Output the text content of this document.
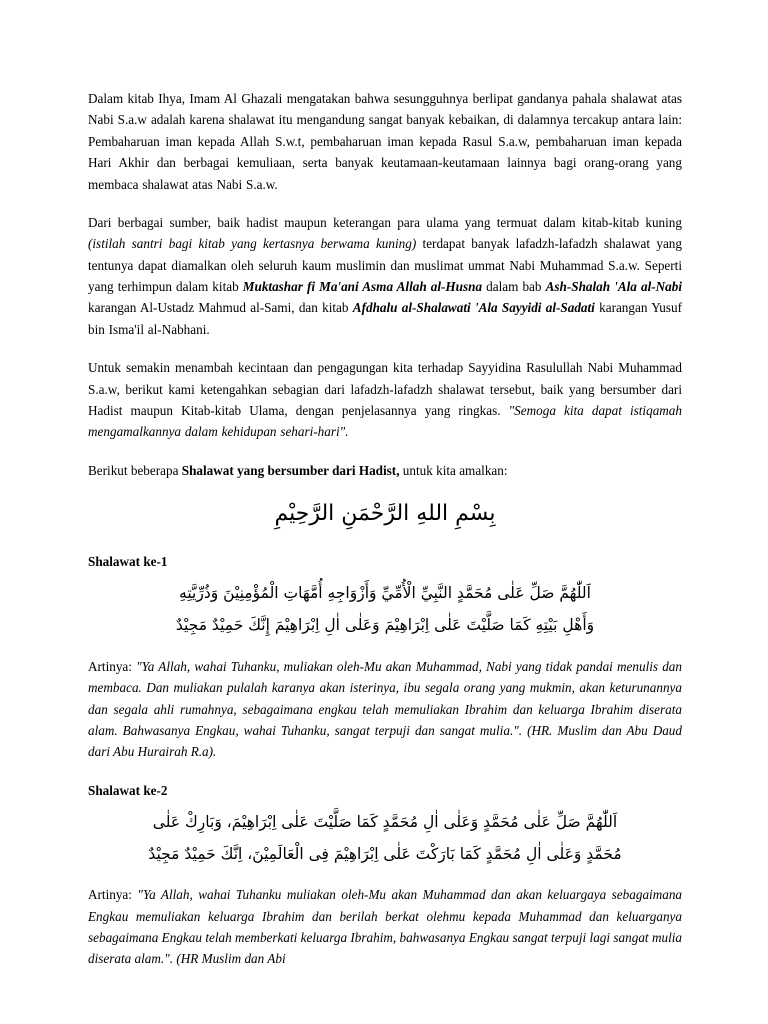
Dalam kitab Ihya, Imam Al Ghazali mengatakan bahwa sesungguhnya berlipat gandanya pahala shalawat atas Nabi S.a.w adalah karena shalawat itu mengandung sangat banyak kebaikan, di dalamnya tercakup antara lain: Pembaharuan iman kepada Allah S.w.t, pembaharuan iman kepada Rasul S.a.w, pembaharuan iman kepada Hari Akhir dan berbagai kemuliaan, serta banyak keutamaan-keutamaan lainnya bagi orang-orang yang membaca shalawat atas Nabi S.a.w.

Dari berbagai sumber, baik hadist maupun keterangan para ulama yang termuat dalam kitab-kitab kuning (istilah santri bagi kitab yang kertasnya berwama kuning) terdapat banyak lafadzh-lafadzh shalawat yang tentunya dapat diamalkan oleh seluruh kaum muslimin dan muslimat ummat Nabi Muhammad S.a.w. Seperti yang terhimpun dalam kitab Muktashar fi Ma'ani Asma Allah al-Husna dalam bab Ash-Shalah 'Ala al-Nabi karangan Al-Ustadz Mahmud al-Sami, dan kitab Afdhalu al-Shalawati 'Ala Sayyidi al-Sadati karangan Yusuf bin Isma'il al-Nabhani.

Untuk semakin menambah kecintaan dan pengagungan kita terhadap Sayyidina Rasulullah Nabi Muhammad S.a.w, berikut kami ketengahkan sebagian dari lafadzh-lafadzh shalawat tersebut, baik yang bersumber dari Hadist maupun Kitab-kitab Ulama, dengan penjelasannya yang ringkas. "Semoga kita dapat istiqamah mengamalkannya dalam kehidupan sehari-hari".

Berikut beberapa Shalawat yang bersumber dari Hadist, untuk kita amalkan:

بِسْمِ اللهِ الرَّحْمَنِ الرَّحِيْمِ
Shalawat ke-1
اَللّٰهُمَّ صَلِّ عَلٰى مُحَمَّدٍ النَّبِيِّ الْأُمِّيِّ وَأَزْوَاجِهِ أُمَّهَاتِ الْمُؤْمِنِيْنَ وَذُرِّيَّتِهِ
وَأَهْلِ بَيْتِهِ كَمَا صَلَّيْتَ عَلٰى اِبْرَاهِيْمَ وَعَلٰى اٰلِ اِبْرَاهِيْمَ إِنَّكَ حَمِيْدٌ مَجِيْدٌ

Artinya: "Ya Allah, wahai Tuhanku, muliakan oleh-Mu akan Muhammad, Nabi yang tidak pandai menulis dan membaca. Dan muliakan pulalah karanya akan isterinya, ibu segala orang yang mukmin, akan keturunannya dan segala ahli rumahnya, sebagaimana engkau telah memuliakan Ibrahim dan keluarga Ibrahim diserata alam. Bahwasanya Engkau, wahai Tuhanku, sangat terpuji dan sangat mulia.". (HR. Muslim dan Abu Daud dari Abu Hurairah R.a).

Shalawat ke-2
اَللّٰهُمَّ صَلِّ عَلٰى مُحَمَّدٍ وَعَلٰى اٰلِ مُحَمَّدٍ كَمَا صَلَّيْتَ عَلٰى اِبْرَاهِيْمَ، وَبَارِكْ عَلٰى
مُحَمَّدٍ وَعَلٰى اٰلِ مُحَمَّدٍ كَمَا بَارَكْتَ عَلٰى اِبْرَاهِيْمَ فِى الْعَالَمِيْنَ، اِنَّكَ حَمِيْدٌ مَجِيْدٌ

Artinya: "Ya Allah, wahai Tuhanku muliakan oleh-Mu akan Muhammad dan akan keluargaya sebagaimana Engkau memuliakan keluarga Ibrahim dan berilah berkat olehmu kepada Muhammad dan keluarganya sebagaimana Engkau telah memberkati keluarga Ibrahim, bahwasanya Engkau sangat terpuji lagi sangat mulia diserata alam.". (HR Muslim dan Abi
